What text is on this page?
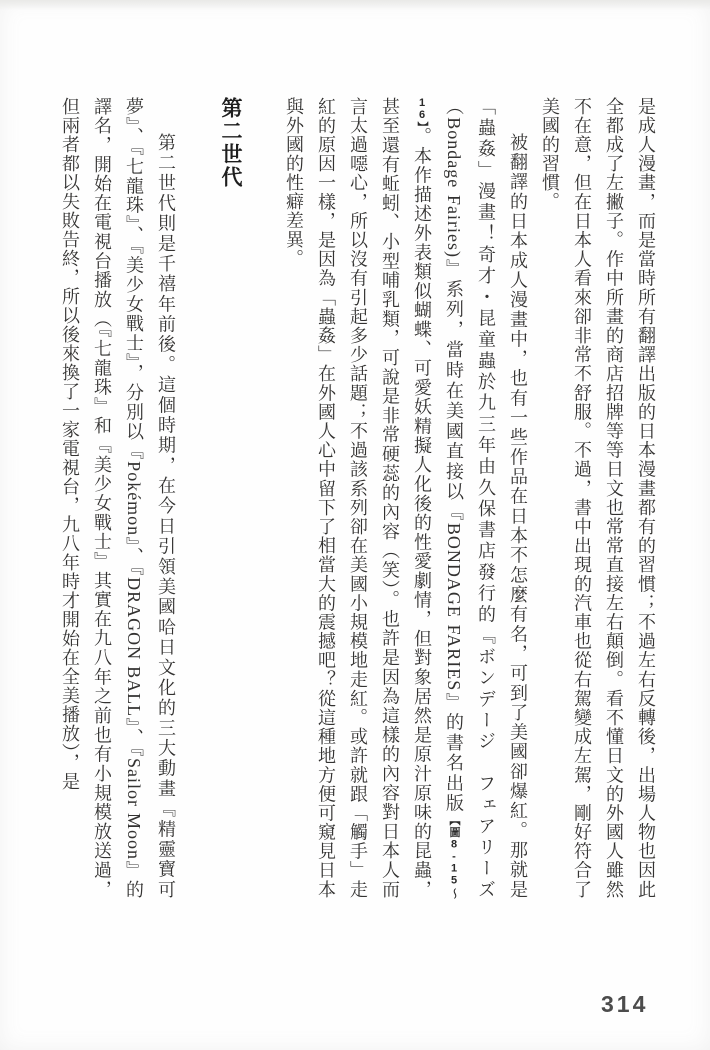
是成人漫畫，而是當時所有翻譯出版的日本漫畫都有的習慣；不過左右反轉後，出場人物也因此全都成了左撇子。作中所畫的商店招牌等等日文也常常直接左右顛倒。看不懂日文的外國人雖然不在意，但在日本人看來卻非常不舒服。不過，書中出現的汽車也從右駕變成左駕，剛好符合了美國的習慣。

被翻譯的日本成人漫畫中，也有一些作品在日本不怎麼有名，可到了美國卻爆紅。那就是「蟲姦」漫畫！奇才・昆童蟲於九三年由久保書店發行的『ボンデージ　フェアリーズ（Bondage Fairies)』系列，當時在美國直接以『BONDAGE FARIES』的書名出版【圖8-15～16】。本作描述外表類似蝴蝶、可愛妖精擬人化後的性愛劇情，但對象居然是原汁原味的昆蟲，甚至還有蚯蚓、小型哺乳類，可說是非常硬蕊的內容（笑）。也許是因為這樣的內容對日本人而言太過噁心，所以沒有引起多少話題；不過該系列卻在美國小規模地走紅。或許就跟「觸手」走紅的原因一樣，是因為「蟲姦」在外國人心中留下了相當大的震撼吧？從這種地方便可窺見日本與外國的性癖差異。

第二世代

第二世代則是千禧年前後。這個時期，在今日引領美國哈日文化的三大動畫『精靈寶可夢』、『七龍珠』、『美少女戰士』，分別以『Pokémon』、『DRAGON BALL』、『Sailor Moon』的譯名，開始在電視台播放（『七龍珠』和『美少女戰士』其實在九八年之前也有小規模放送過，但兩者都以失敗告終，所以後來換了一家電視台，九八年時才開始在全美播放），是

314
